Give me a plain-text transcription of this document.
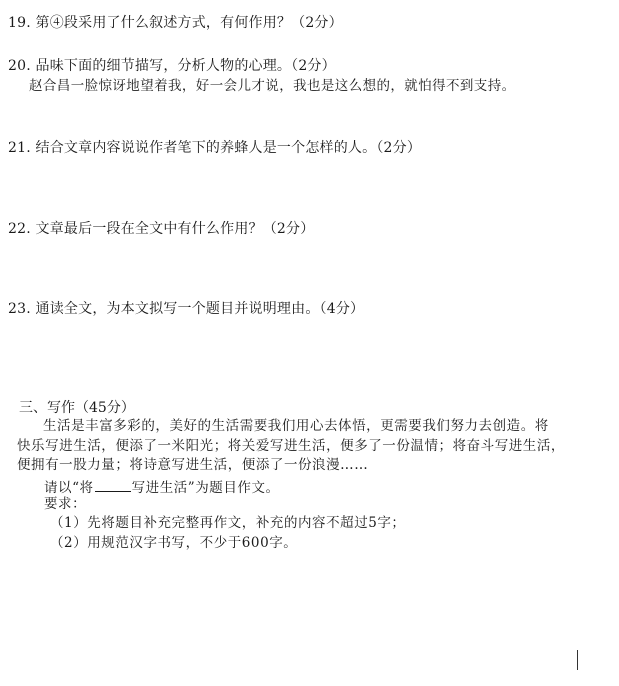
19. 第④段采用了什么叙述方式，有何作用？（2分）
20. 品味下面的细节描写，分析人物的心理。（2分）
赵合昌一脸惊讶地望着我，好一会儿才说，我也是这么想的，就怕得不到支持。
21. 结合文章内容说说作者笔下的养蜂人是一个怎样的人。（2分）
22. 文章最后一段在全文中有什么作用？（2分）
23. 通读全文，为本文拟写一个题目并说明理由。（4分）
三、写作（45分）
生活是丰富多彩的，美好的生活需要我们用心去体悟，更需要我们努力去创造。将
快乐写进生活，便添了一米阳光；将关爱写进生活，便多了一份温情；将奋斗写进生活，
便拥有一股力量；将诗意写进生活，便添了一份浪漫……
请以“将	写进生活”为题目作文。
要求：
（1）先将题目补充完整再作文，补充的内容不超过5字；
（2）用规范汉字书写，不少于600字。
